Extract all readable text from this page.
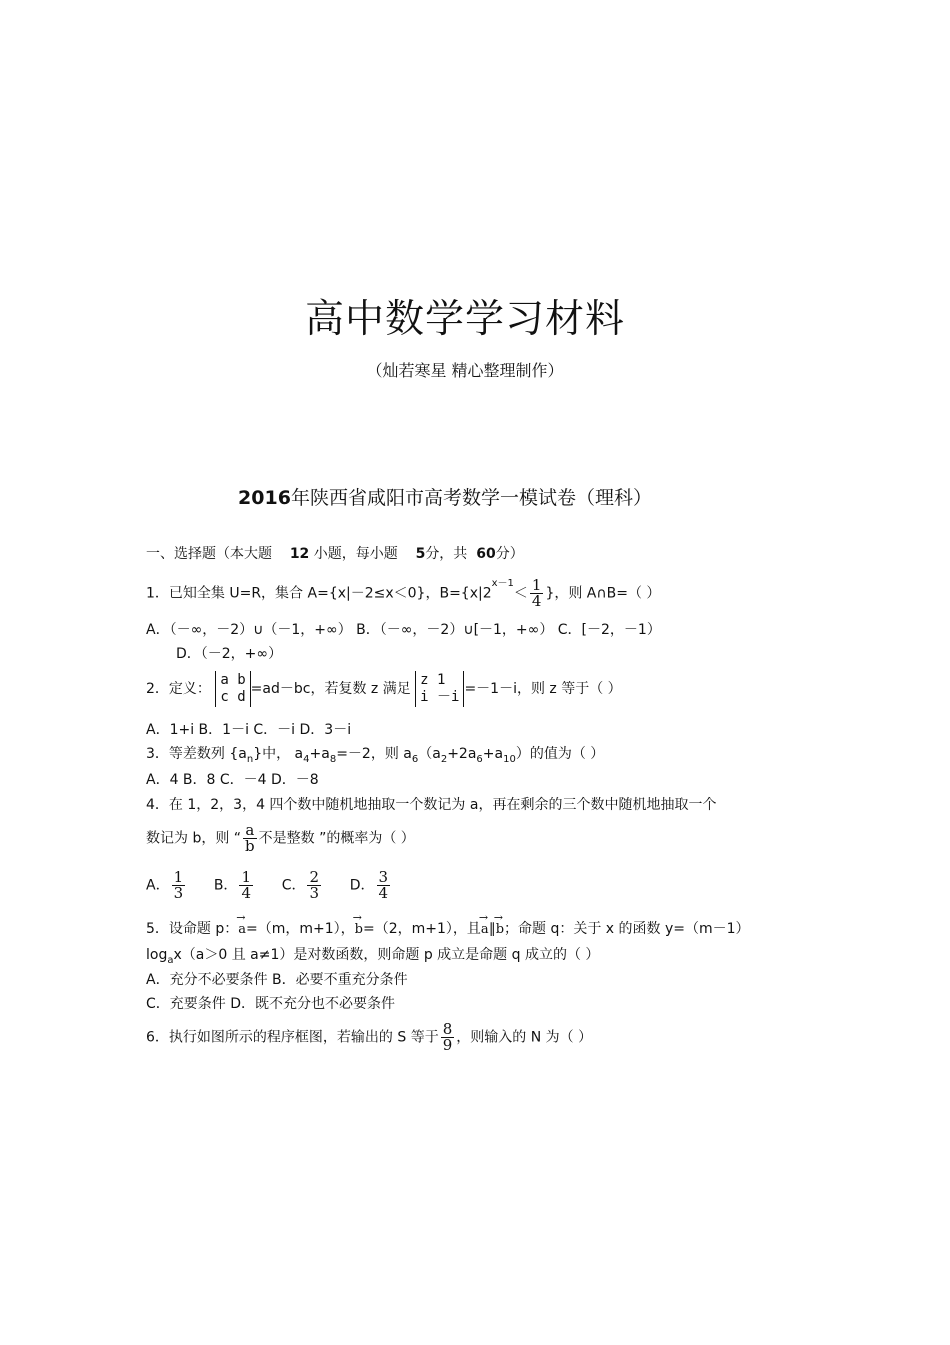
高中数学学习材料
（灿若寒星 精心整理制作）
2016年陕西省咸阳市高考数学一模试卷（理科）
一、选择题（本大题 12 小题，每小题 5分，共 60分）
1．已知全集 U=R，集合 A={x|－2≤x＜0}，$B=\{x|2^{x-1}< \frac{1}{4}$ }，则 A∩B=（ ）
A．（－∞，－2）∪（－1，+∞） B．（－∞，－2）∪[－1，+∞） C．[－2，－1）
D．（－2，+∞）
2．定义：
a b
c d =ad－bc，若复数 z 满足
z 1
i －i =－1－i，则 z 等于（ ）
A．1+i B．1－i C．－i D．3－i
3．等差数列 $\{a_n\}$中， $a_4+a_8=-2$，则 $a_6(a_2+2a_6+a_{10})$的值为（ ）
A．4 B．8 C．－4 D．－8
4．在 1，2，3，4 四个数中随机地抽取一个数记为 a，再在剩余的三个数中随机地抽取一个
数记为 b，则 “ $\frac{a}{b}$ 不是整数 ”的概率为（ ）
A． $\frac{1}{3}$ B． $\frac{1}{4}$ C． $\frac{2}{3}$ D． $\frac{3}{4}$
5．设命题 p：→ a=（m，m+1），→ b=（2，m+1），且→ a∥→ b；命题 q：关于 x 的函数 y=（m－1）
$\log_ax(a>0$ 且 a≠1）是对数函数，则命题 p 成立是命题 q 成立的（ ）
A．充分不必要条件 B．必要不重充分条件
C．充要条件 D．既不充分也不必要条件
6．执行如图所示的程序框图，若输出的 S 等于 $\frac{8}{9}$ ，则输入的 N 为（ ）
